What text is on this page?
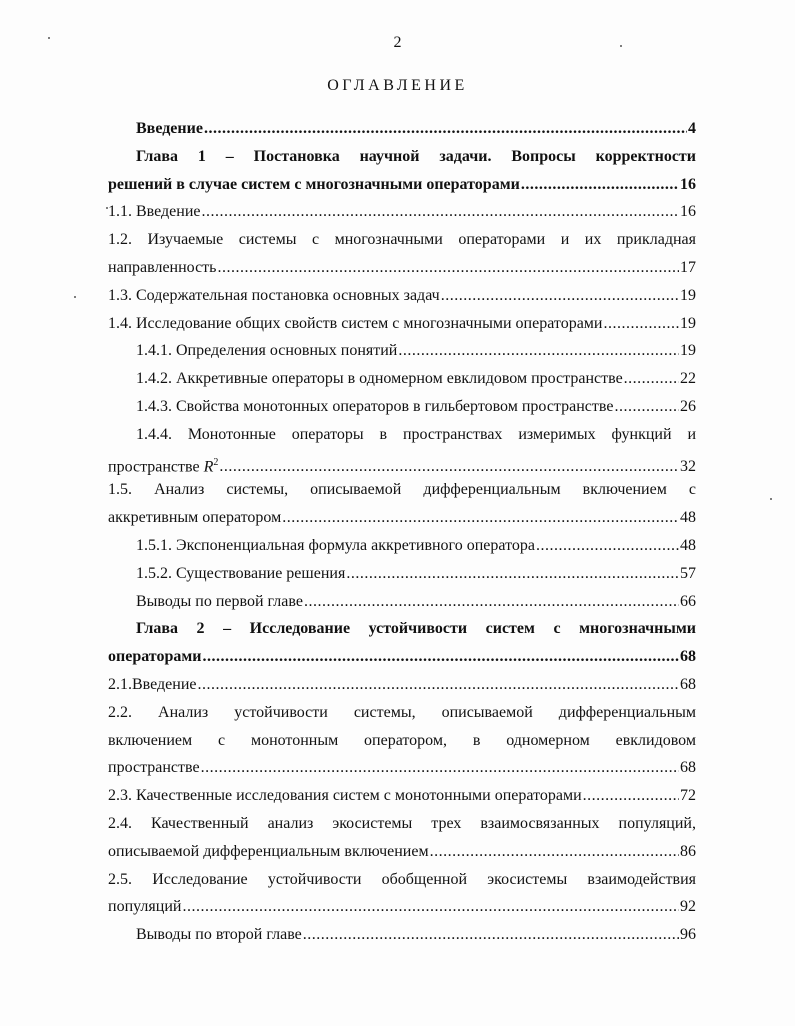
2
ОГЛАВЛЕНИЕ
Введение .....	4
Глава 1 – Постановка научной задачи. Вопросы корректности
решений в случае систем с многозначными операторами .....	16
1.1. Введение .....	16
1.2. Изучаемые системы с многозначными операторами и их прикладная
направленность .....	17
1.3. Содержательная постановка основных задач .....	19
1.4. Исследование общих свойств систем с многозначными операторами .....	19
1.4.1. Определения основных понятий .....	19
1.4.2. Аккретивные операторы в одномерном евклидовом пространстве .....	22
1.4.3. Свойства монотонных операторов в гильбертовом пространстве .....	26
1.4.4. Монотонные операторы в пространствах измеримых функций и
пространстве $R^2$ .....	32
1.5. Анализ системы, описываемой дифференциальным включением с
аккретивным оператором .....	48
1.5.1. Экспоненциальная формула аккретивного оператора .....	48
1.5.2. Существование решения .....	57
Выводы по первой главе .....	66
Глава 2 – Исследование устойчивости систем с многозначными
операторами .....	68
2.1.Введение .....	68
2.2. Анализ устойчивости системы, описываемой дифференциальным
включением с монотонным оператором, в одномерном евклидовом
пространстве .....	68
2.3. Качественные исследования систем с монотонными операторами .....	72
2.4. Качественный анализ экосистемы трех взаимосвязанных популяций,
описываемой дифференциальным включением .....	86
2.5. Исследование устойчивости обобщенной экосистемы взаимодействия
популяций .....	92
Выводы по второй главе .....	96
